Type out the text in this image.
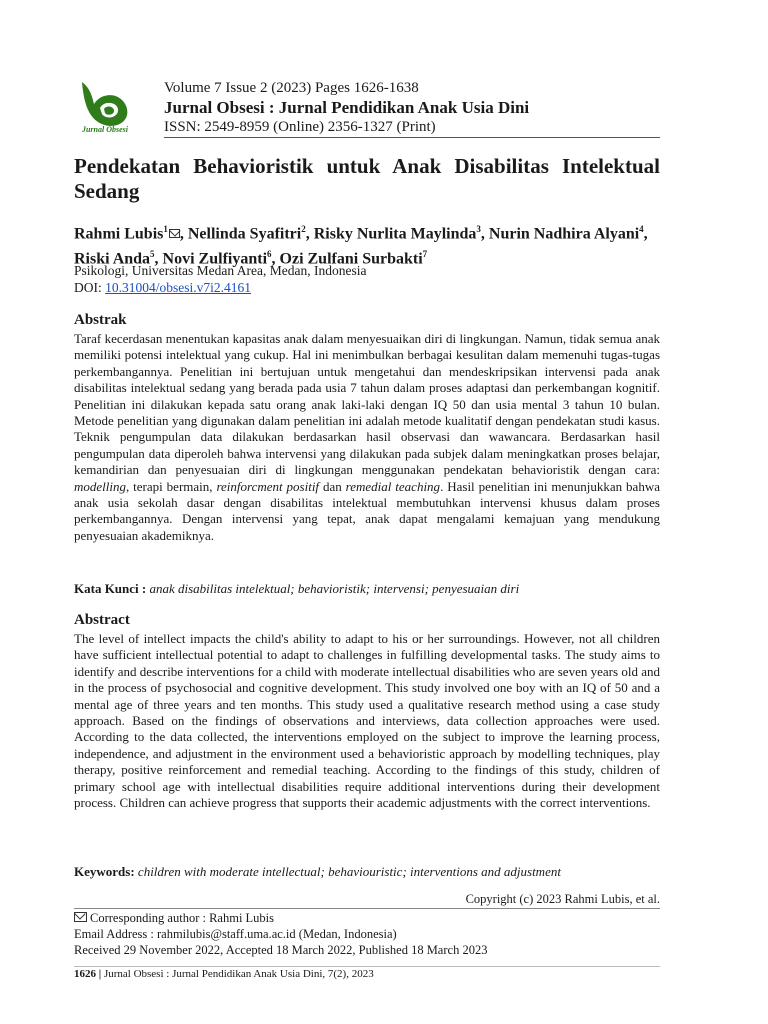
Jurnal Obsesi
Volume 7 Issue 2 (2023) Pages 1626-1638
Jurnal Obsesi : Jurnal Pendidikan Anak Usia Dini
ISSN: 2549-8959 (Online) 2356-1327 (Print)
Pendekatan Behavioristik untuk Anak Disabilitas Intelektual Sedang
Rahmi Lubis$^1$ , Nellinda Syafitri$^2$, Risky Nurlita Maylinda$^3$, Nurin Nadhira Alyani$^4$, Riski Anda$^5$, Novi Zulfiyanti$^6$, Ozi Zulfani Surbakti$^7$
Psikologi, Universitas Medan Area, Medan, Indonesia
DOI: 10.31004/obsesi.v7i2.4161
Abstrak
Taraf kecerdasan menentukan kapasitas anak dalam menyesuaikan diri di lingkungan. Namun, tidak semua anak memiliki potensi intelektual yang cukup. Hal ini menimbulkan berbagai kesulitan dalam memenuhi tugas-tugas perkembangannya. Penelitian ini bertujuan untuk mengetahui dan mendeskripsikan intervensi pada anak disabilitas intelektual sedang yang berada pada usia 7 tahun dalam proses adaptasi dan perkembangan kognitif. Penelitian ini dilakukan kepada satu orang anak laki-laki dengan IQ 50 dan usia mental 3 tahun 10 bulan. Metode penelitian yang digunakan dalam penelitian ini adalah metode kualitatif dengan pendekatan studi kasus. Teknik pengumpulan data dilakukan berdasarkan hasil observasi dan wawancara. Berdasarkan hasil pengumpulan data diperoleh bahwa intervensi yang dilakukan pada subjek dalam meningkatkan proses belajar, kemandirian dan penyesuaian diri di lingkungan menggunakan pendekatan behavioristik dengan cara: modelling, terapi bermain, reinforcment positif dan remedial teaching. Hasil penelitian ini menunjukkan bahwa anak usia sekolah dasar dengan disabilitas intelektual membutuhkan intervensi khusus dalam proses perkembangannya. Dengan intervensi yang tepat, anak dapat mengalami kemajuan yang mendukung penyesuaian akademiknya.
Kata Kunci : anak disabilitas intelektual; behavioristik; intervensi; penyesuaian diri
Abstract
The level of intellect impacts the child's ability to adapt to his or her surroundings. However, not all children have sufficient intellectual potential to adapt to challenges in fulfilling developmental tasks. The study aims to identify and describe interventions for a child with moderate intellectual disabilities who are seven years old and in the process of psychosocial and cognitive development. This study involved one boy with an IQ of 50 and a mental age of three years and ten months. This study used a qualitative research method using a case study approach. Based on the findings of observations and interviews, data collection approaches were used. According to the data collected, the interventions employed on the subject to improve the learning process, independence, and adjustment in the environment used a behavioristic approach by modelling techniques, play therapy, positive reinforcement and remedial teaching. According to the findings of this study, children of primary school age with intellectual disabilities require additional interventions during their development process. Children can achieve progress that supports their academic adjustments with the correct interventions.
Keywords: children with moderate intellectual; behaviouristic; interventions and adjustment
Copyright (c) 2023 Rahmi Lubis, et al.
Corresponding author : Rahmi Lubis
Email Address : rahmilubis@staff.uma.ac.id (Medan, Indonesia)
Received 29 November 2022, Accepted 18 March 2022, Published 18 March 2023
1626 | Jurnal Obsesi : Jurnal Pendidikan Anak Usia Dini, 7(2), 2023
